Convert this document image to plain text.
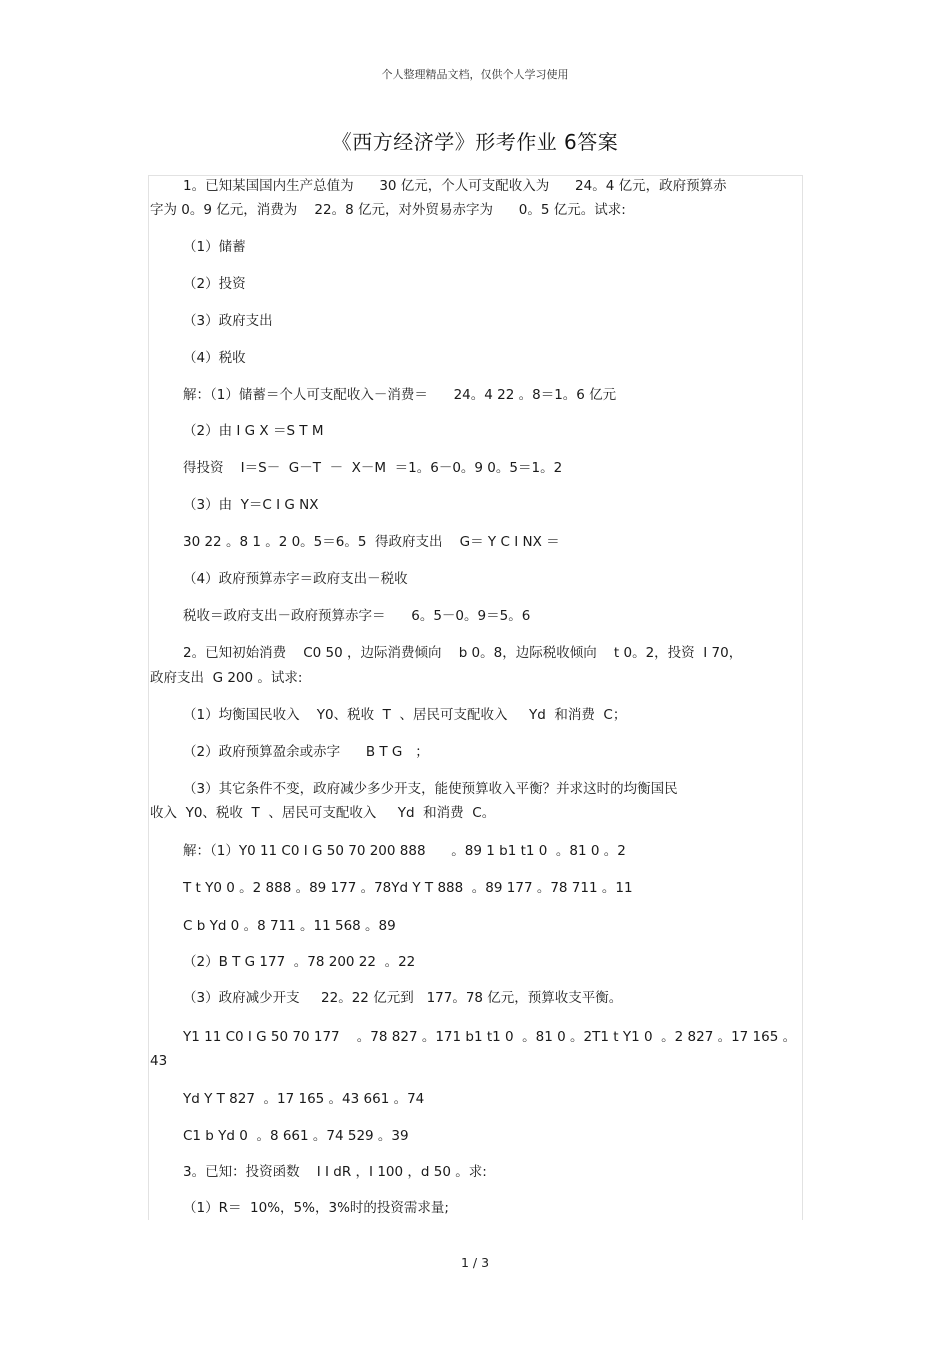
个人整理精品文档，仅供个人学习使用
《西方经济学》形考作业 6答案
1。已知某国国内生产总值为      30 亿元，个人可支配收入为      24。4 亿元，政府预算赤
字为 0。9 亿元，消费为    22。8 亿元，对外贸易赤字为      0。5 亿元。试求:
（1）储蓄
（2）投资
（3）政府支出
（4）税收
解：（1）储蓄＝个人可支配收入－消费＝      24。4 22 。8＝1。6 亿元
（2）由 I G X ＝S T M
得投资    I＝S－  G－T  －  X－M  ＝1。6－0。9 0。5＝1。2
（3）由  Y＝C I G NX
30 22 。8 1 。2 0。5＝6。5  得政府支出    G＝ Y C I NX ＝
（4）政府预算赤字＝政府支出－税收
税收＝政府支出－政府预算赤字＝      6。5－0。9＝5。6
2。已知初始消费    C0 50 ，边际消费倾向    b 0。8，边际税收倾向    t 0。2，投资  I 70，
政府支出  G 200 。试求:
（1）均衡国民收入    Y0、税收  T  、居民可支配收入     Yd  和消费  C；
（2）政府预算盈余或赤字      B T G   ；
（3）其它条件不变，政府减少多少开支，能使预算收入平衡？并求这时的均衡国民
收入  Y0、税收  T  、居民可支配收入     Yd  和消费  C。
解：（1）Y0 11 C0 I G 50 70 200 888      。89 1 b1 t1 0  。81 0 。2
T t Y0 0 。2 888 。89 177 。78Yd Y T 888  。89 177 。78 711 。11
C b Yd 0 。8 711 。11 568 。89
（2）B T G 177  。78 200 22  。22
（3）政府减少开支     22。22 亿元到   177。78 亿元，预算收支平衡。
Y1 11 C0 I G 50 70 177    。78 827 。171 b1 t1 0  。81 0 。2T1 t Y1 0  。2 827 。17 165 。
43
Yd Y T 827  。17 165 。43 661 。74
C1 b Yd 0  。8 661 。74 529 。39
3。已知：投资函数    I I dR ，I 100 ，d 50 。求:
（1）R＝  10%，5%，3%时的投资需求量;
1 / 3
